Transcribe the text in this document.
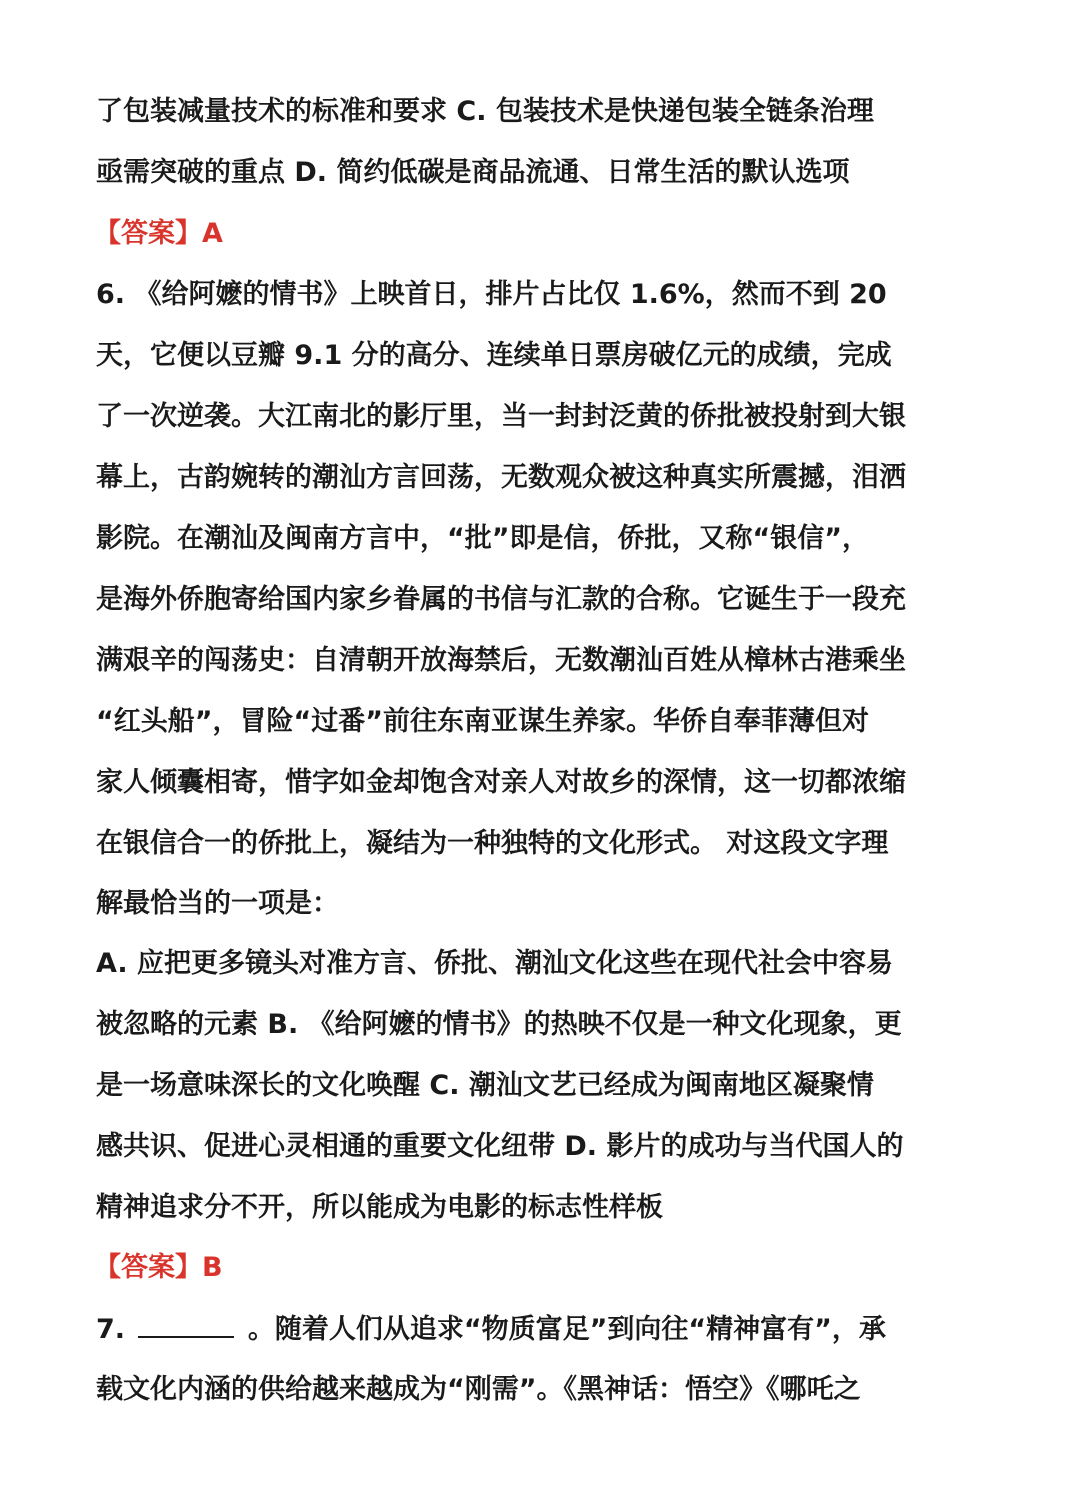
了包装减量技术的标准和要求 C. 包装技术是快递包装全链条治理
亟需突破的重点 D. 简约低碳是商品流通、日常生活的默认选项
【答案】A
6. 《给阿嬷的情书》上映首日，排片占比仅 1.6%，然而不到 20
天，它便以豆瓣 9.1 分的高分、连续单日票房破亿元的成绩，完成
了一次逆袭。大江南北的影厅里，当一封封泛黄的侨批被投射到大银
幕上，古韵婉转的潮汕方言回荡，无数观众被这种真实所震撼，泪洒
影院。在潮汕及闽南方言中，“批”即是信，侨批，又称“银信”，
是海外侨胞寄给国内家乡眷属的书信与汇款的合称。它诞生于一段充
满艰辛的闯荡史：自清朝开放海禁后，无数潮汕百姓从樟林古港乘坐
“红头船”，冒险“过番”前往东南亚谋生养家。华侨自奉菲薄但对
家人倾囊相寄，惜字如金却饱含对亲人对故乡的深情，这一切都浓缩
在银信合一的侨批上，凝结为一种独特的文化形式。 对这段文字理
解最恰当的一项是：
A. 应把更多镜头对准方言、侨批、潮汕文化这些在现代社会中容易
被忽略的元素 B. 《给阿嬷的情书》的热映不仅是一种文化现象，更
是一场意味深长的文化唤醒 C. 潮汕文艺已经成为闽南地区凝聚情
感共识、促进心灵相通的重要文化纽带 D. 影片的成功与当代国人的
精神追求分不开，所以能成为电影的标志性样板
【答案】B
7.	。随着人们从追求“物质富足”到向往“精神富有”，承
载文化内涵的供给越来越成为“刚需”。《黑神话：悟空》《哪吒之
